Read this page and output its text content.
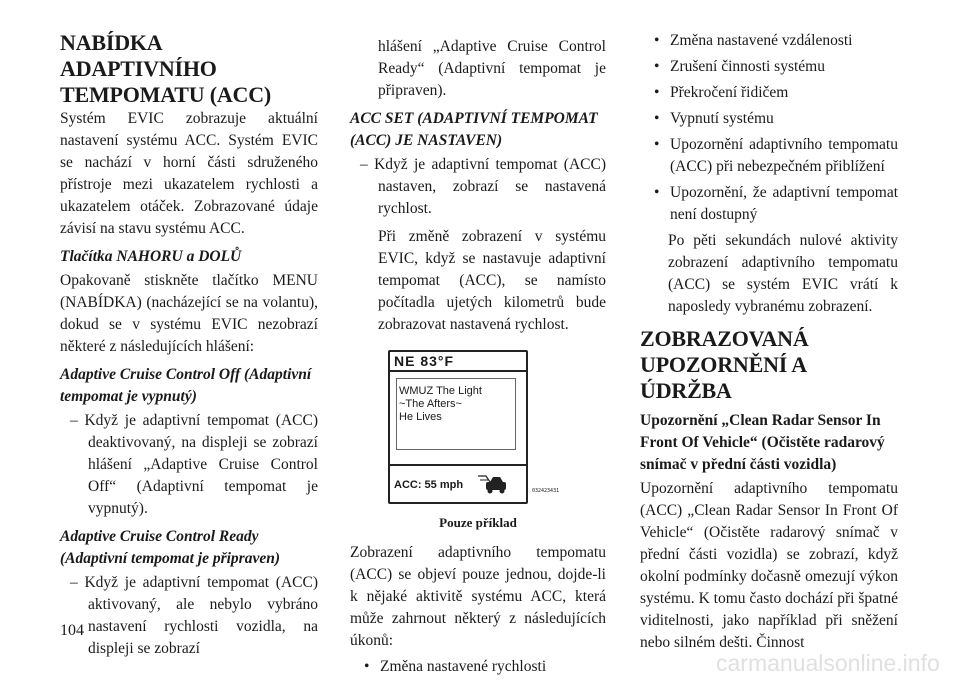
NABÍDKA ADAPTIVNÍHO TEMPOMATU (ACC)

Systém EVIC zobrazuje aktuální nastavení systému ACC. Systém EVIC se nachází v horní části sdruženého přístroje mezi ukazatelem rychlosti a ukazatelem otáček. Zobrazované údaje závisí na stavu systému ACC.

Tlačítka NAHORU a DOLŮ

Opakovaně stiskněte tlačítko MENU (NABÍDKA) (nacházející se na volantu), dokud se v systému EVIC nezobrazí některé z následujících hlášení:

Adaptive Cruise Control Off (Adaptivní tempomat je vypnutý)

– Když je adaptivní tempomat (ACC) deaktivovaný, na displeji se zobrazí hlášení „Adaptive Cruise Control Off“ (Adaptivní tempomat je vypnutý).

Adaptive Cruise Control Ready (Adaptivní tempomat je připraven)

– Když je adaptivní tempomat (ACC) aktivovaný, ale nebylo vybráno nastavení rychlosti vozidla, na displeji se zobrazí

hlášení „Adaptive Cruise Control Ready“ (Adaptivní tempomat je připraven).

ACC SET (ADAPTIVNÍ TEMPOMAT (ACC) JE NASTAVEN)

– Když je adaptivní tempomat (ACC) nastaven, zobrazí se nastavená rychlost.

Při změně zobrazení v systému EVIC, když se nastavuje adaptivní tempomat (ACC), se namísto počítadla ujetých kilometrů bude zobrazovat nastavená rychlost.

NE 83°F
WMUZ The Light
~The Afters~
He Lives
ACC: 55 mph	032423431
Pouze příklad

Zobrazení adaptivního tempomatu (ACC) se objeví pouze jednou, dojde-li k nějaké aktivitě systému ACC, která může zahrnout některý z následujících úkonů:

• Změna nastavené rychlosti
• Změna nastavené vzdálenosti
• Zrušení činnosti systému
• Překročení řidičem
• Vypnutí systému
• Upozornění adaptivního tempomatu (ACC) při nebezpečném přiblížení
• Upozornění, že adaptivní tempomat není dostupný

Po pěti sekundách nulové aktivity zobrazení adaptivního tempomatu (ACC) se systém EVIC vrátí k naposledy vybranému zobrazení.

ZOBRAZOVANÁ UPOZORNĚNÍ A ÚDRŽBA
Upozornění „Clean Radar Sensor In Front Of Vehicle“ (Očistěte radarový snímač v přední části vozidla)

Upozornění adaptivního tempomatu (ACC) „Clean Radar Sensor In Front Of Vehicle“ (Očistěte radarový snímač v přední části vozidla) se zobrazí, když okolní podmínky dočasně omezují výkon systému. K tomu často dochází při špatné viditelnosti, jako například při sněžení nebo silném dešti. Činnost

104
carmanualsonline.info
